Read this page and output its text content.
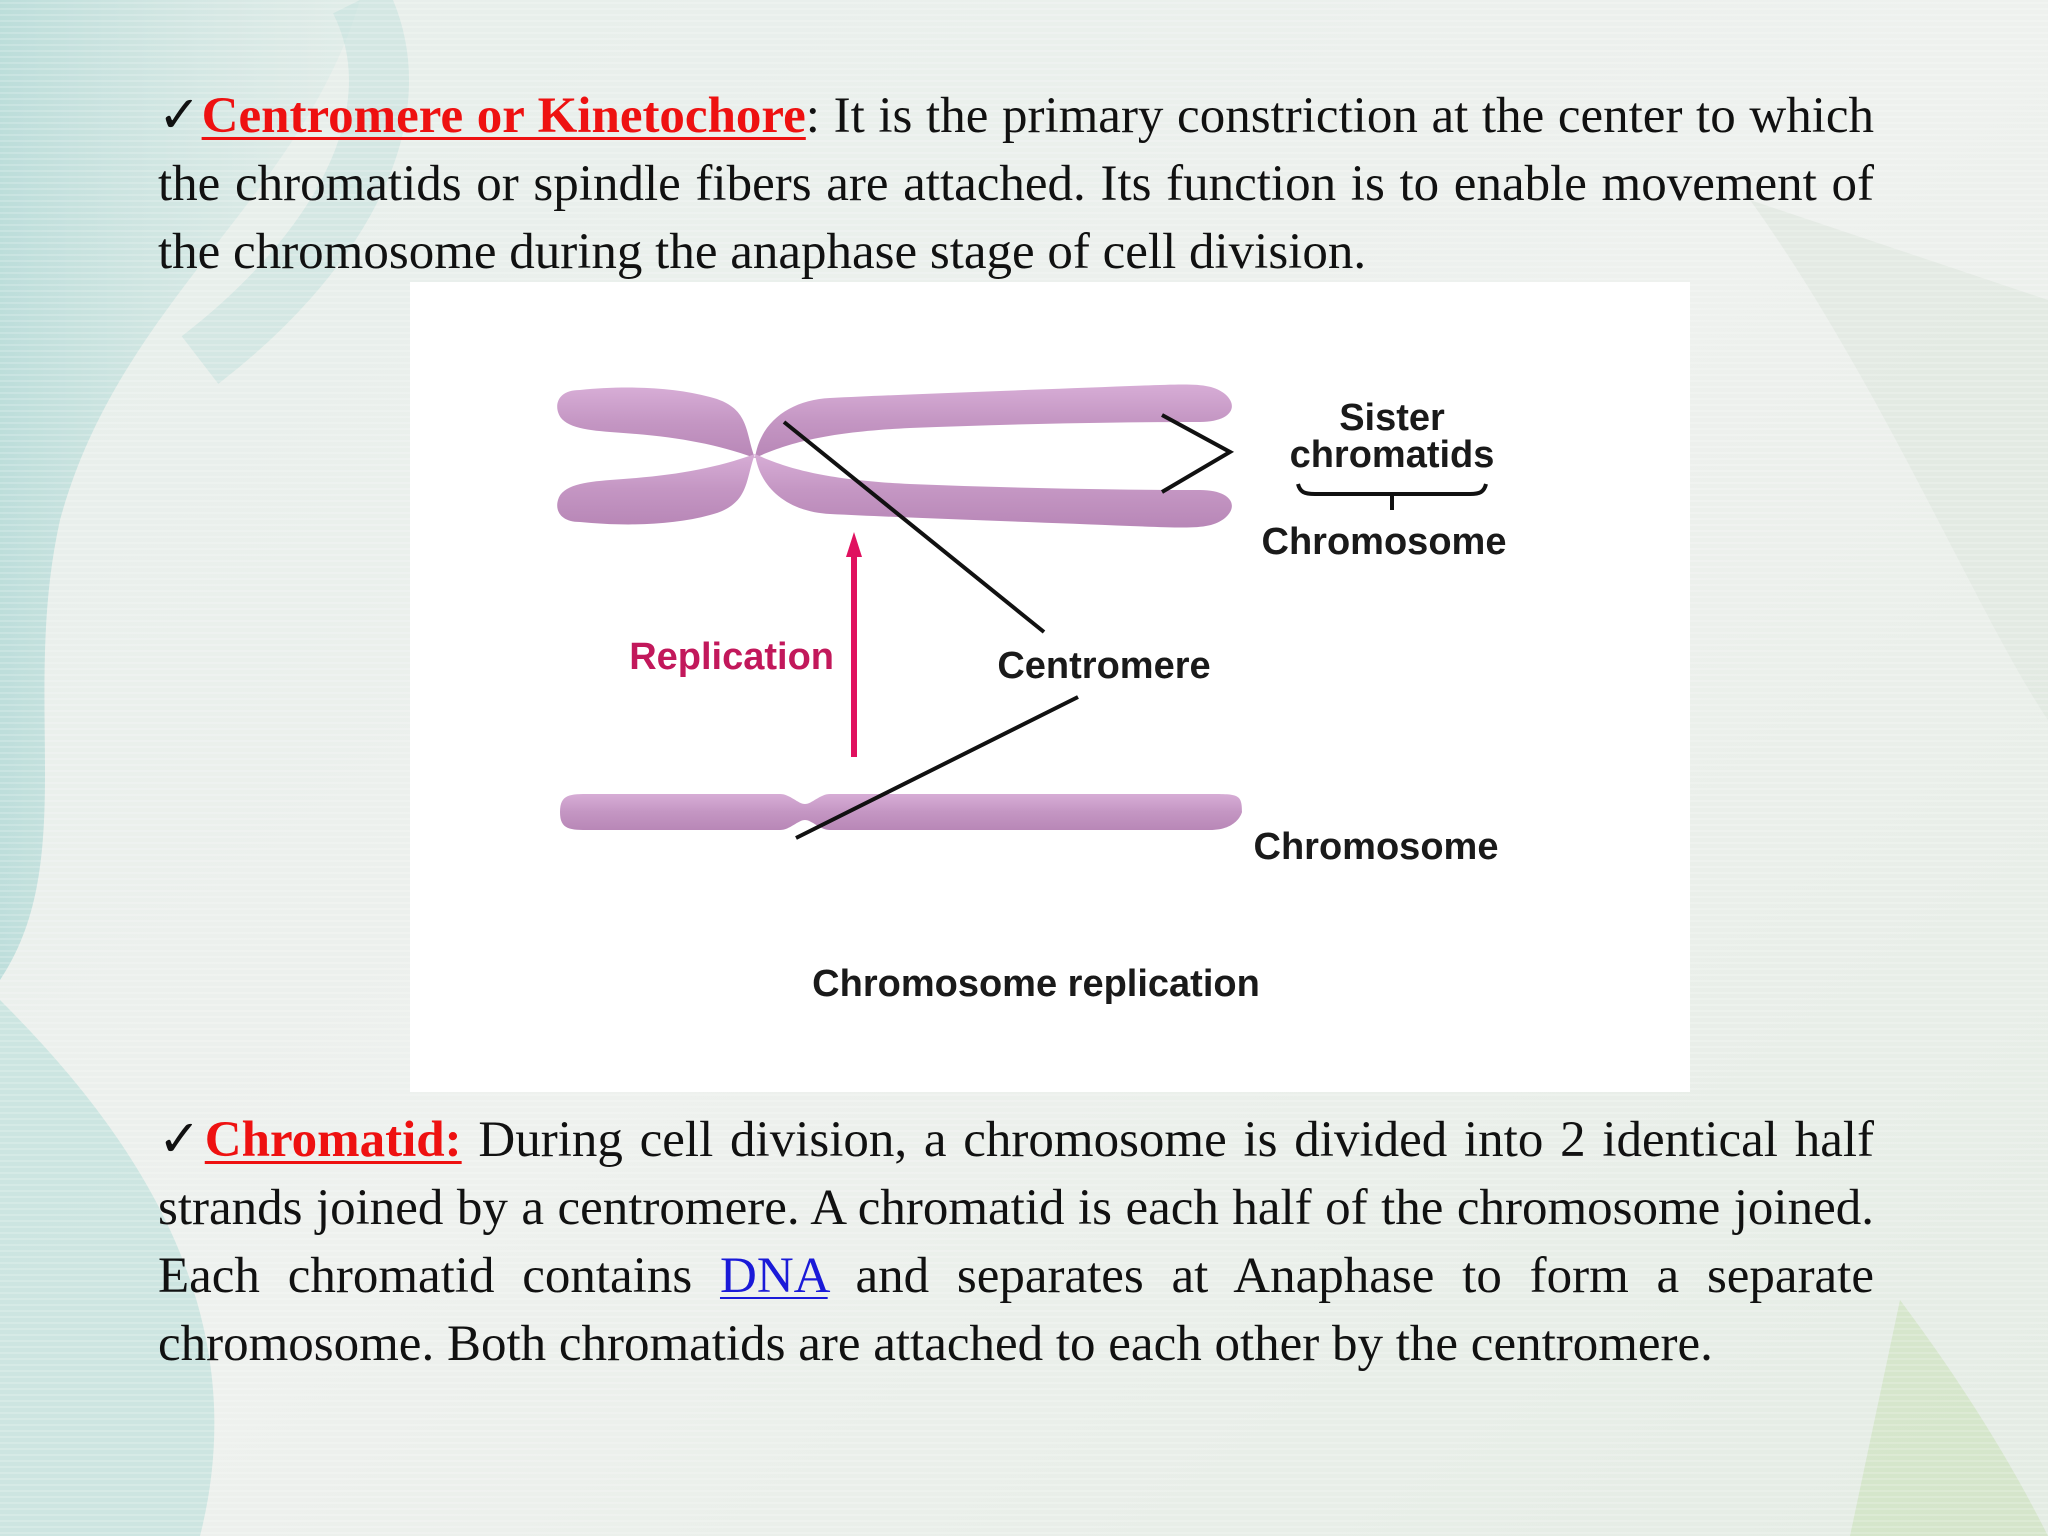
✓Centromere or Kinetochore: It is the primary constriction at the center to which the chromatids or spindle fibers are attached. Its function is to enable movement of the chromosome during the anaphase stage of cell division.

Sister
chromatids
Chromosome
Replication	Centromere
Chromosome
Chromosome replication

✓Chromatid: During cell division, a chromosome is divided into 2 identical half strands joined by a centromere. A chromatid is each half of the chromosome joined. Each chromatid contains DNA and separates at Anaphase to form a separate chromosome. Both chromatids are attached to each other by the centromere.
